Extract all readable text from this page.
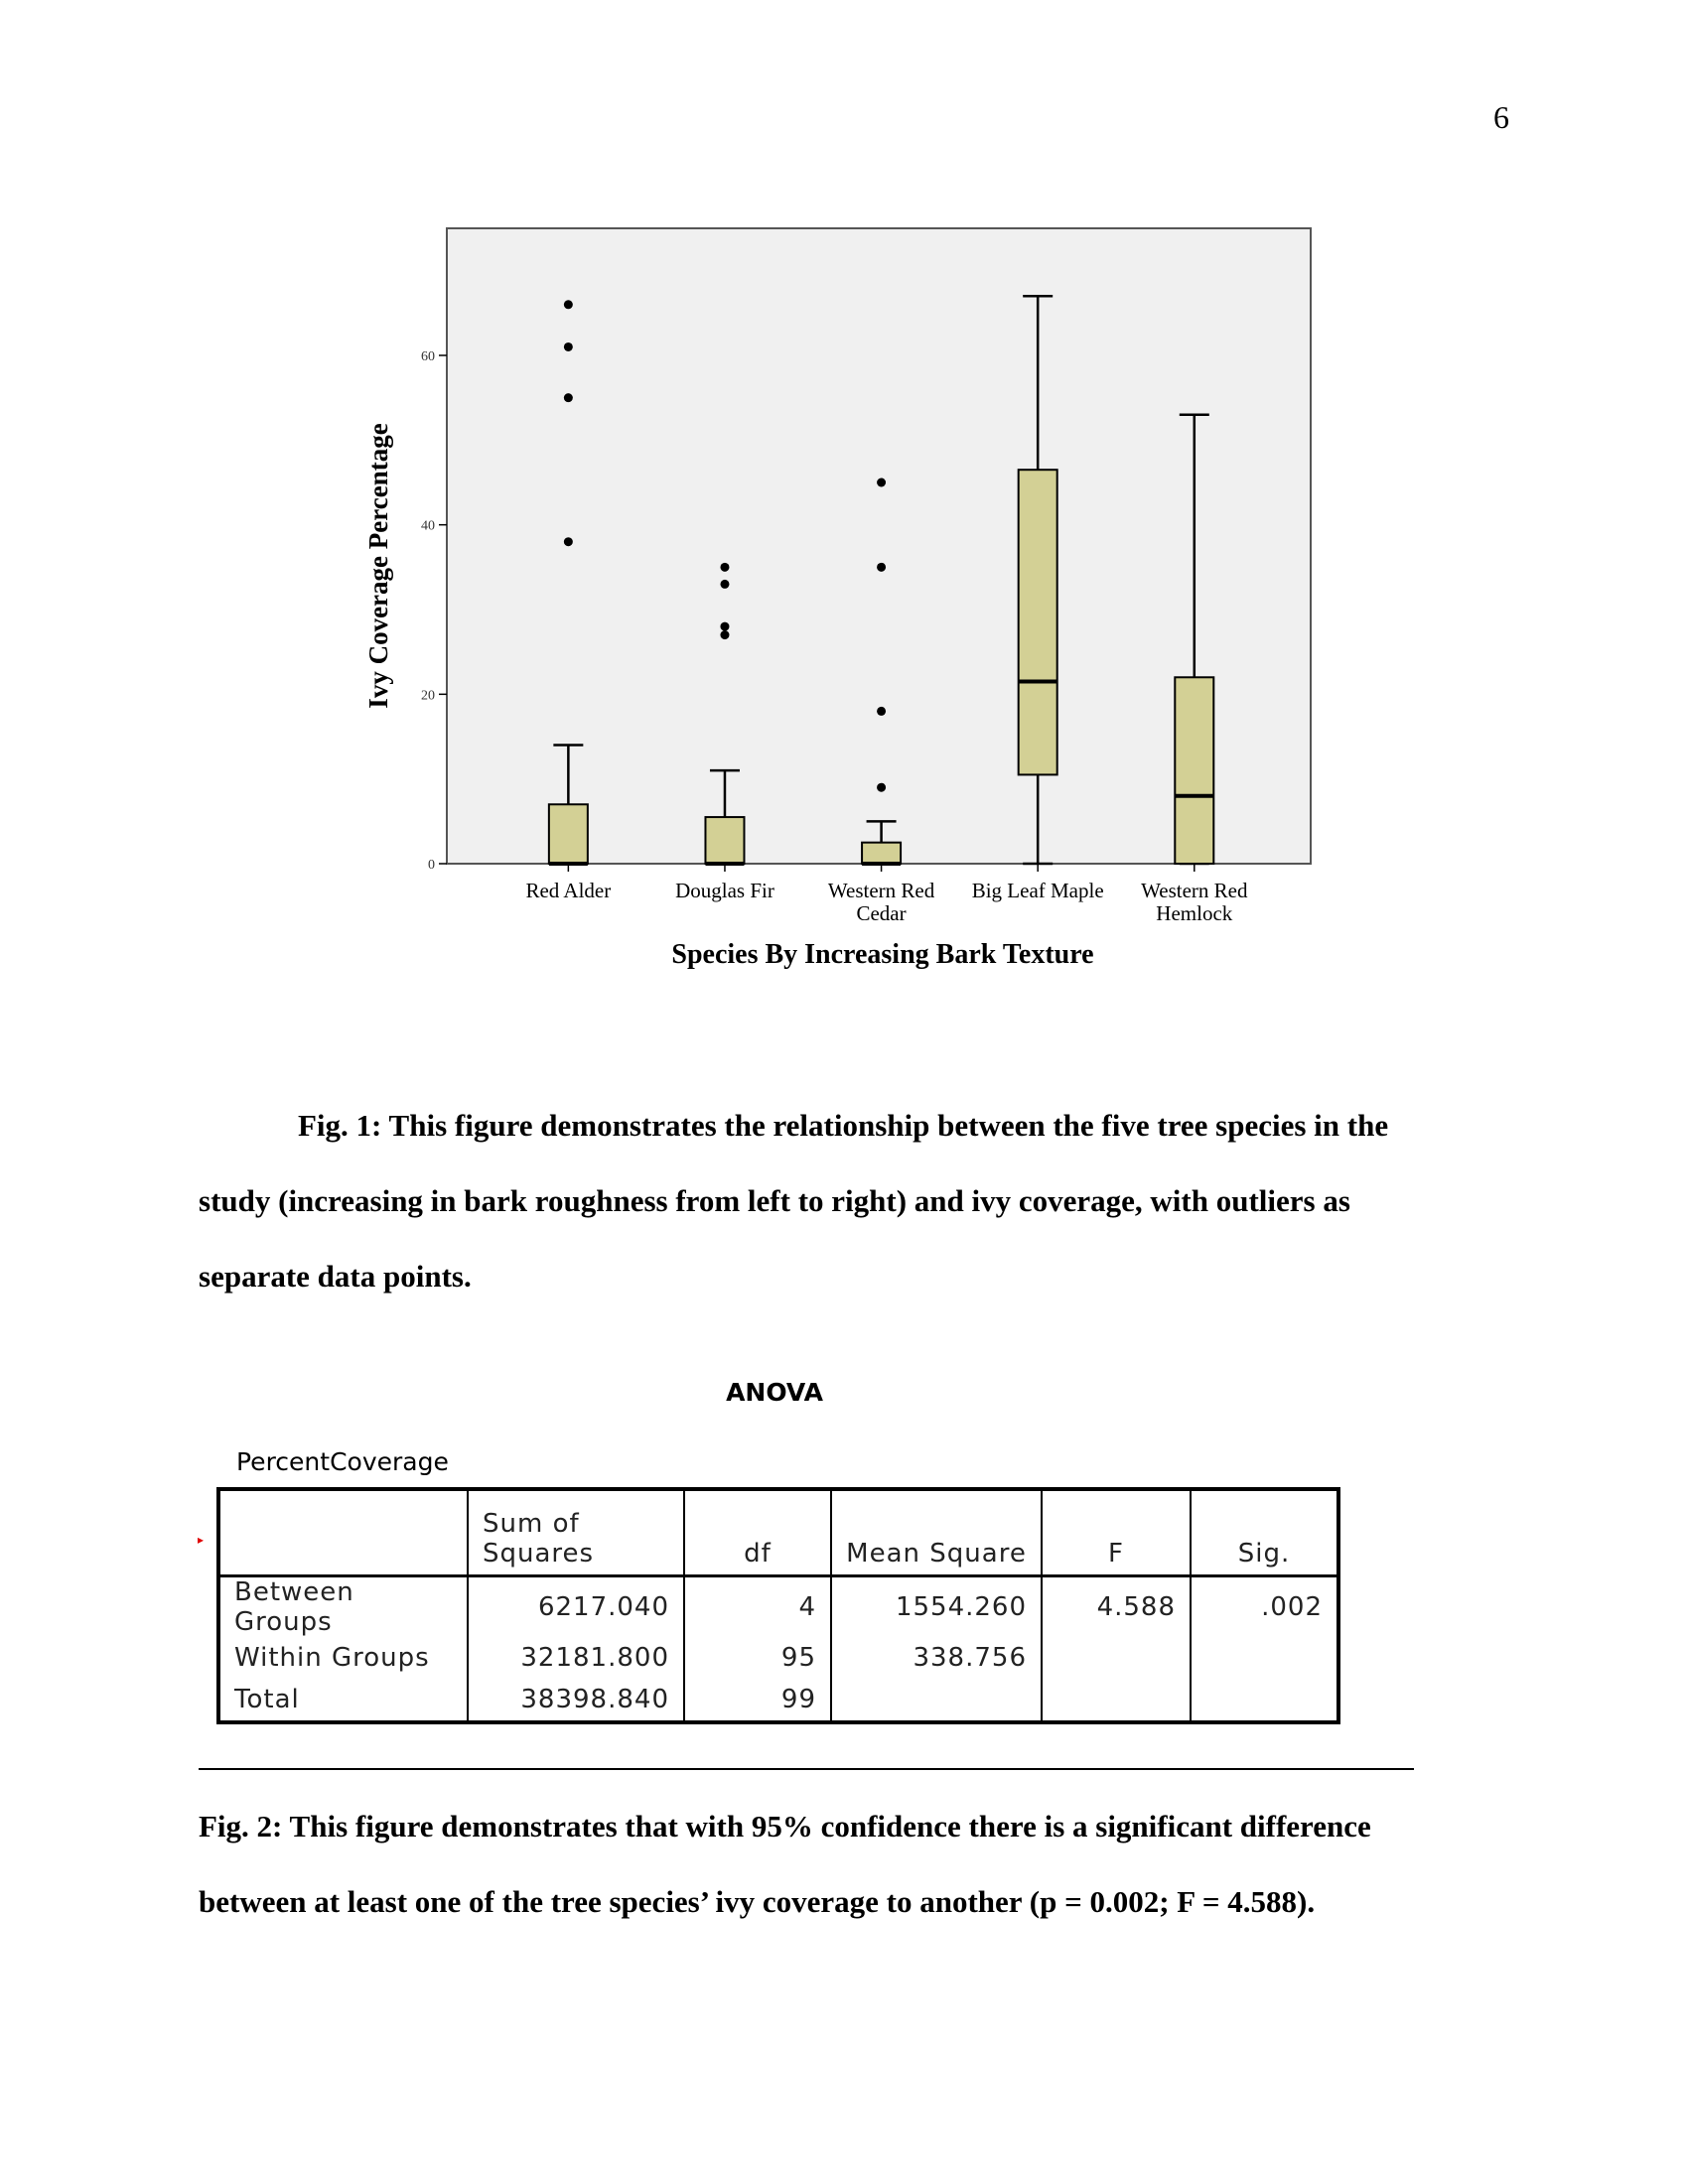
6
0
20
40
60
Ivy Coverage Percentage
Species By Increasing Bark Texture
Red Alder	Douglas Fir	Western Red
Cedar
Big Leaf Maple Western Red
Hemlock

Fig. 1: This figure demonstrates the relationship between the five tree species in the
study (increasing in bark roughness from left to right) and ivy coverage, with outliers as
separate data points.

ANOVA
PercentCoverage
▸
	Sum of
Squares	df	Mean Square	F	Sig.
Between Groups	6217.040	4	1554.260	4.588	.002
Within Groups	32181.800	95	338.756		
Total	38398.840	99			

Fig. 2: This figure demonstrates that with 95% confidence there is a significant difference
between at least one of the tree species’ ivy coverage to another (p = 0.002; F = 4.588).
